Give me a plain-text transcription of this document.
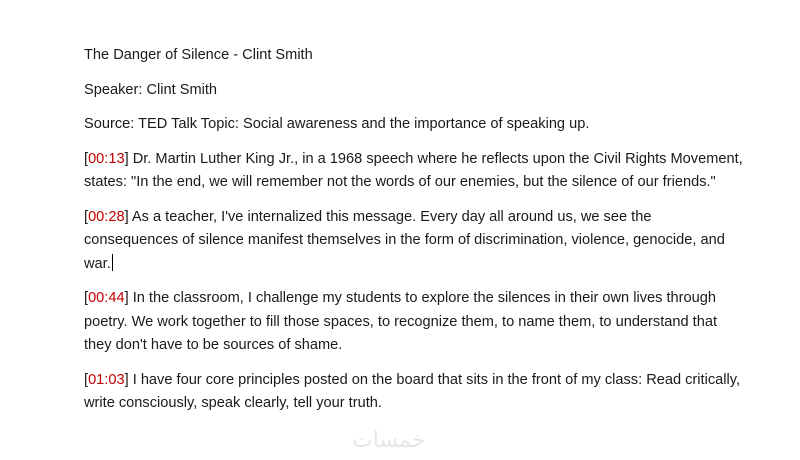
The Danger of Silence - Clint Smith

Speaker: Clint Smith

Source: TED Talk Topic: Social awareness and the importance of speaking up.

[00:13] Dr. Martin Luther King Jr., in a 1968 speech where he reflects upon the Civil Rights Movement, states: "In the end, we will remember not the words of our enemies, but the silence of our friends."

[00:28] As a teacher, I've internalized this message. Every day all around us, we see the consequences of silence manifest themselves in the form of discrimination, violence, genocide, and war.

[00:44] In the classroom, I challenge my students to explore the silences in their own lives through poetry. We work together to fill those spaces, to recognize them, to name them, to understand that they don't have to be sources of shame.

[01:03] I have four core principles posted on the board that sits in the front of my class: Read critically, write consciously, speak clearly, tell your truth.

خمسات
